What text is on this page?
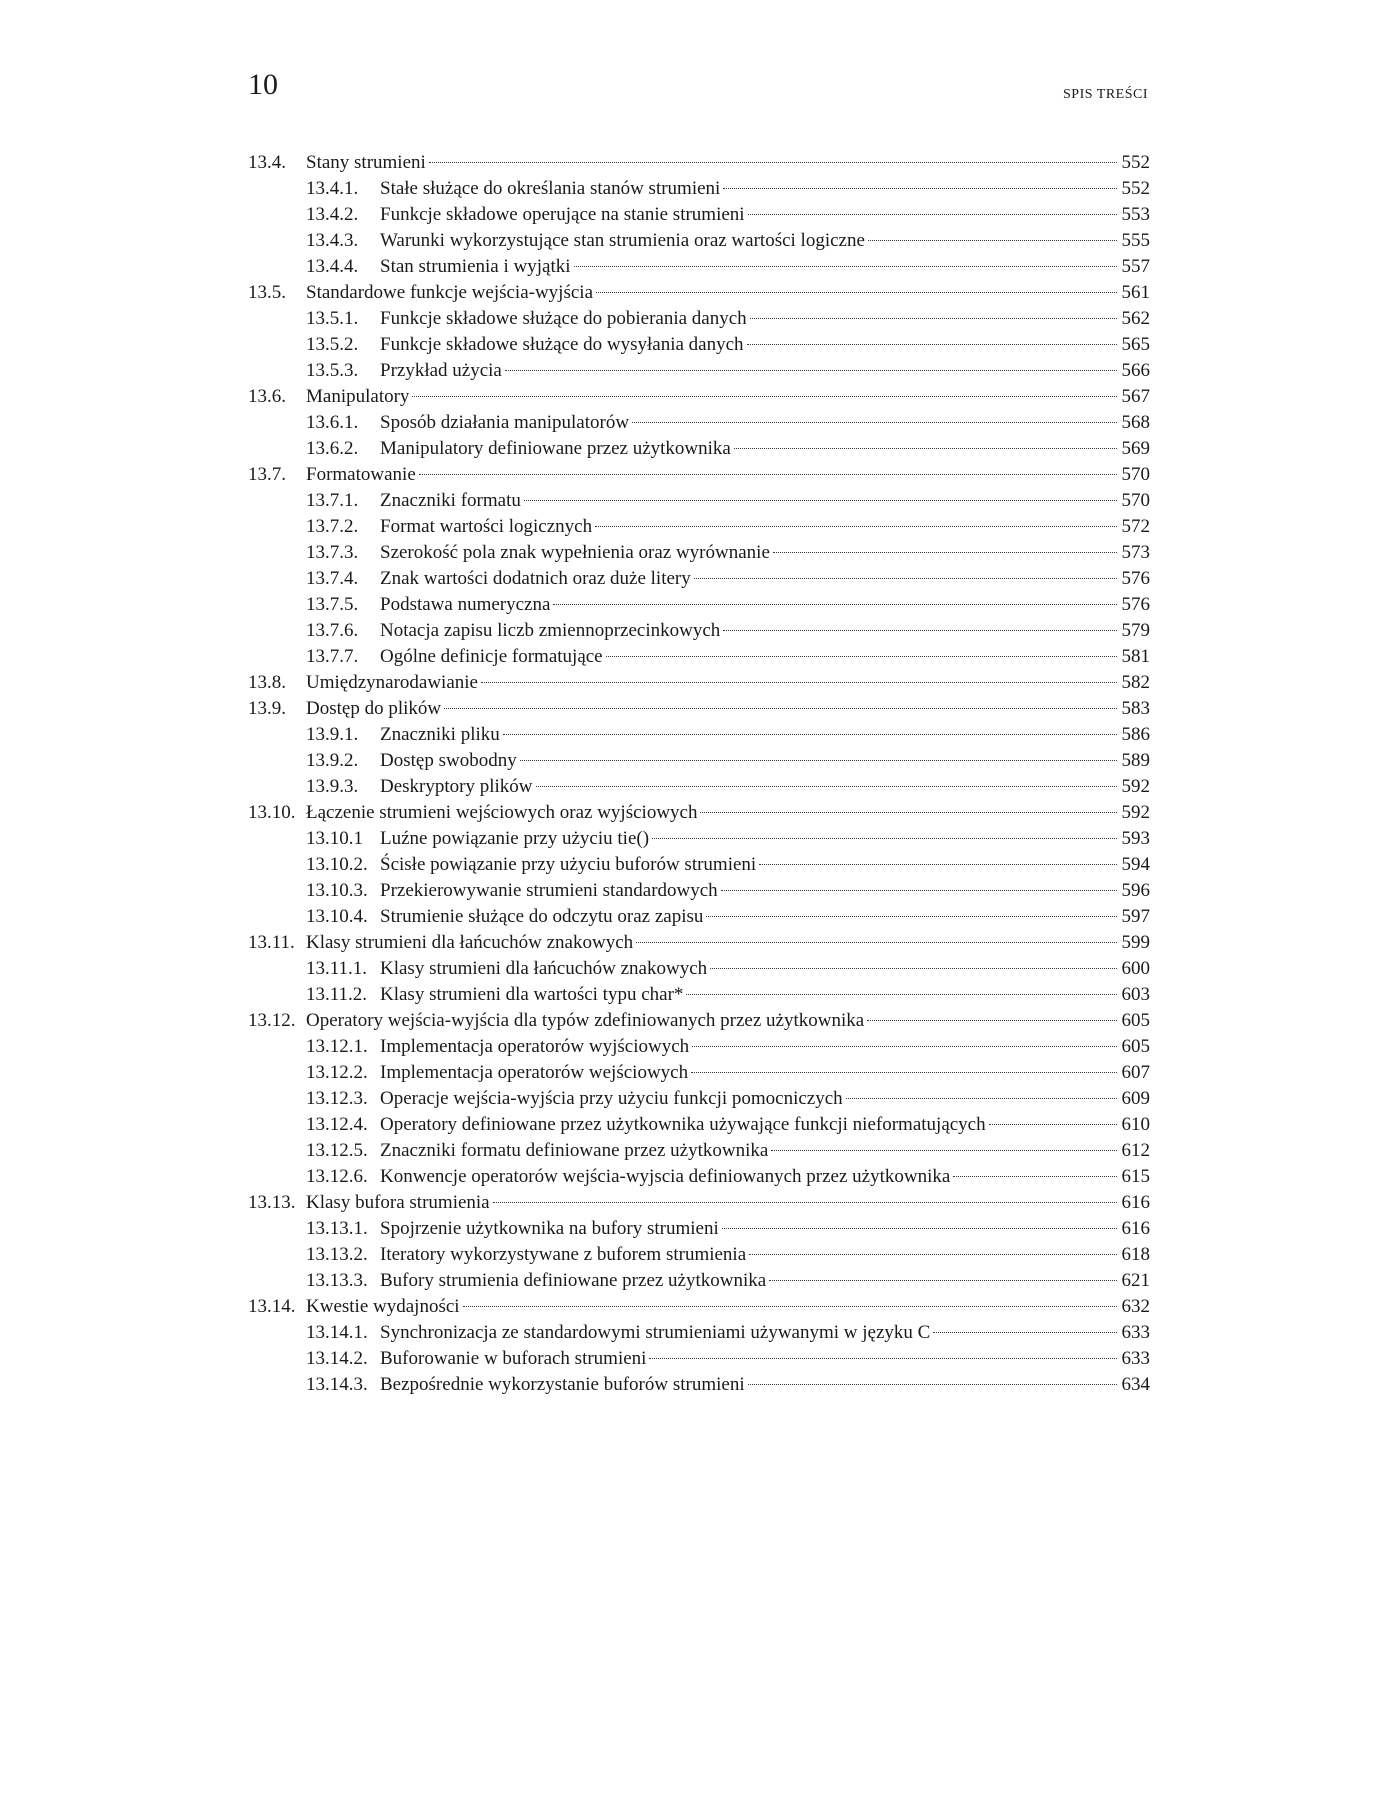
10	SPIS TREŚCI
13.4.	Stany strumieni	552
13.4.1.	Stałe służące do określania stanów strumieni	552
13.4.2.	Funkcje składowe operujące na stanie strumieni	553
13.4.3.	Warunki wykorzystujące stan strumienia oraz wartości logiczne	555
13.4.4.	Stan strumienia i wyjątki	557
13.5.	Standardowe funkcje wejścia-wyjścia	561
13.5.1.	Funkcje składowe służące do pobierania danych	562
13.5.2.	Funkcje składowe służące do wysyłania danych	565
13.5.3.	Przykład użycia	566
13.6.	Manipulatory	567
13.6.1.	Sposób działania manipulatorów	568
13.6.2.	Manipulatory definiowane przez użytkownika	569
13.7.	Formatowanie	570
13.7.1.	Znaczniki formatu	570
13.7.2.	Format wartości logicznych	572
13.7.3.	Szerokość pola znak wypełnienia oraz wyrównanie	573
13.7.4.	Znak wartości dodatnich oraz duże litery	576
13.7.5.	Podstawa numeryczna	576
13.7.6.	Notacja zapisu liczb zmiennoprzecinkowych	579
13.7.7.	Ogólne definicje formatujące	581
13.8.	Umiędzynarodawianie	582
13.9.	Dostęp do plików	583
13.9.1.	Znaczniki pliku	586
13.9.2.	Dostęp swobodny	589
13.9.3.	Deskryptory plików	592
13.10. Łączenie strumieni wejściowych oraz wyjściowych	592
13.10.1 Luźne powiązanie przy użyciu tie()	593
13.10.2. Ścisłe powiązanie przy użyciu buforów strumieni	594
13.10.3. Przekierowywanie strumieni standardowych	596
13.10.4. Strumienie służące do odczytu oraz zapisu	597
13.11. Klasy strumieni dla łańcuchów znakowych	599
13.11.1. Klasy strumieni dla łańcuchów znakowych	600
13.11.2. Klasy strumieni dla wartości typu char*	603
13.12. Operatory wejścia-wyjścia dla typów zdefiniowanych przez użytkownika	605
13.12.1. Implementacja operatorów wyjściowych	605
13.12.2. Implementacja operatorów wejściowych	607
13.12.3. Operacje wejścia-wyjścia przy użyciu funkcji pomocniczych	609
13.12.4. Operatory definiowane przez użytkownika używające funkcji nieformatujących	610
13.12.5. Znaczniki formatu definiowane przez użytkownika	612
13.12.6. Konwencje operatorów wejścia-wyjscia definiowanych przez użytkownika	615
13.13. Klasy bufora strumienia	616
13.13.1. Spojrzenie użytkownika na bufory strumieni	616
13.13.2. Iteratory wykorzystywane z buforem strumienia	618
13.13.3. Bufory strumienia definiowane przez użytkownika	621
13.14. Kwestie wydajności	632
13.14.1. Synchronizacja ze standardowymi strumieniami używanymi w języku C	633
13.14.2. Buforowanie w buforach strumieni	633
13.14.3. Bezpośrednie wykorzystanie buforów strumieni	634
